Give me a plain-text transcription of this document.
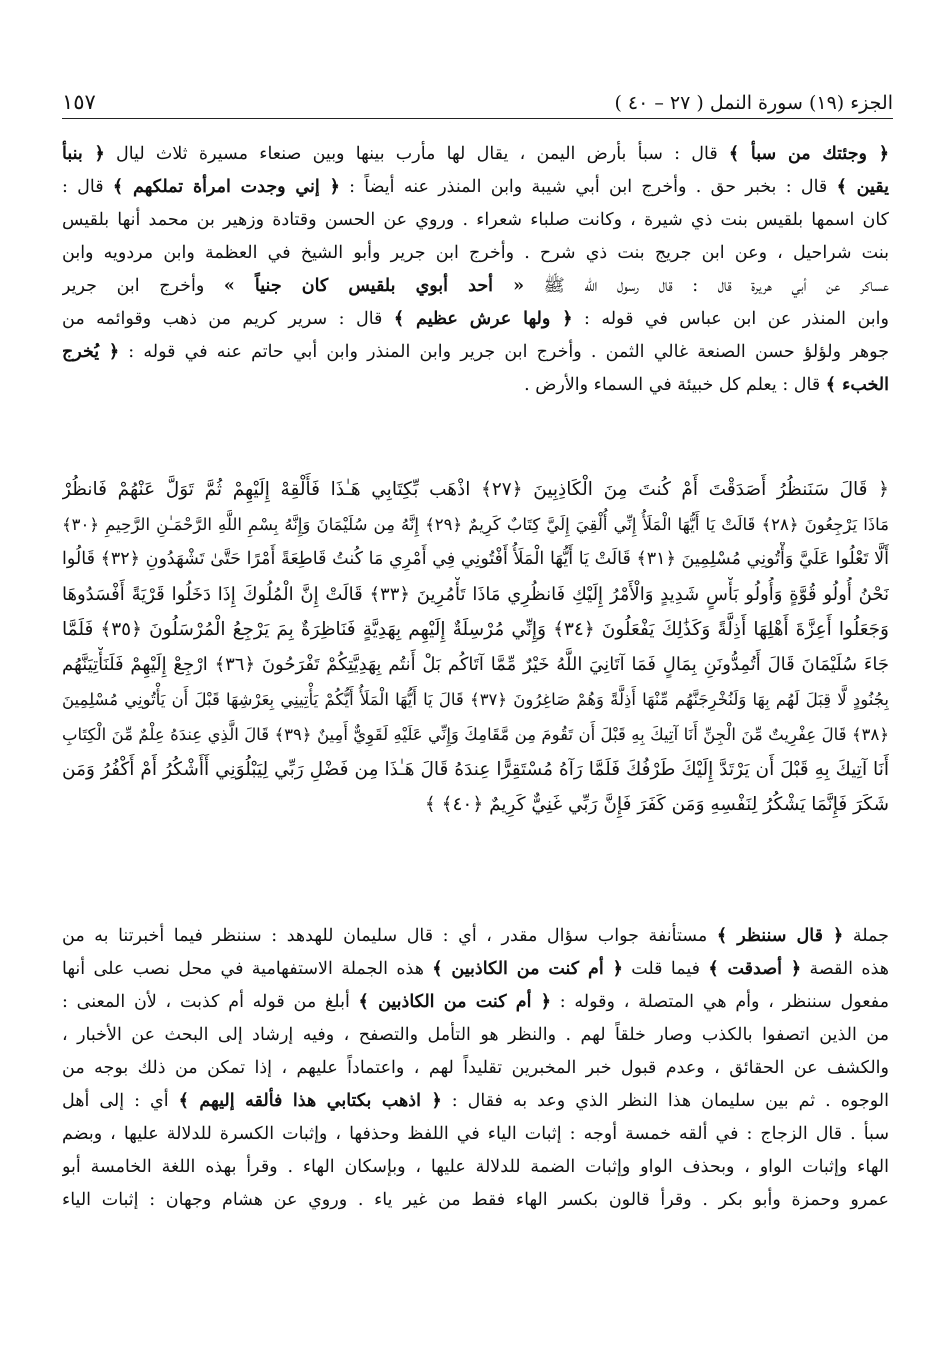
الجزء (١٩) سورة النمل ( ٢٧ – ٤٠ )
١٥٧
﴿ وجئتك من سبأ ﴾ قال : سبأ بأرض اليمن ، يقال لها مأرب بينها وبين صنعاء مسيرة ثلاث ليال ﴿ بنبأ
يقين ﴾ قال : بخبر حق . وأخرج ابن أبي شيبة وابن المنذر عنه أيضاً : ﴿ إني وجدت امرأة تملكهم ﴾ قال :
كان اسمها بلقيس بنت ذي شيرة ، وكانت صلباء شعراء . وروي عن الحسن وقتادة وزهير بن محمد أنها بلقيس
بنت شراحيل ، وعن ابن جريج بنت ذي شرح . وأخرج ابن جرير وأبو الشيخ في العظمة وابن مردويه وابن
عساكر عن أبي هريرة قال : قال رسول الله ﷺ « أحد أبوي بلقيس كان جنياً » وأخرج ابن جرير
وابن المنذر عن ابن عباس في قوله : ﴿ ولها عرش عظيم ﴾ قال : سرير كريم من ذهب وقوائمه من
جوهر ولؤلؤ حسن الصنعة غالي الثمن . وأخرج ابن جرير وابن المنذر وابن أبي حاتم عنه في قوله : ﴿ يُخرج
الخبء ﴾ قال : يعلم كل خبيئة في السماء والأرض .
﴿ قَالَ سَنَنظُرُ أَصَدَقْتَ أَمْ كُنتَ مِنَ الْكَاذِبِينَ ﴿٢٧﴾ اذْهَب بِّكِتَابِي هَـٰذَا فَأَلْقِهْ إِلَيْهِمْ ثُمَّ تَوَلَّ عَنْهُمْ فَانظُرْ
مَاذَا يَرْجِعُونَ ﴿٢٨﴾ قَالَتْ يَا أَيُّهَا الْمَلَأُ إِنِّي أُلْقِيَ إِلَيَّ كِتَابٌ كَرِيمٌ ﴿٢٩﴾ إِنَّهُ مِن سُلَيْمَانَ وَإِنَّهُ بِسْمِ اللَّهِ الرَّحْمَـٰنِ الرَّحِيمِ ﴿٣٠﴾
أَلَّا تَعْلُوا عَلَيَّ وَأْتُونِي مُسْلِمِينَ ﴿٣١﴾ قَالَتْ يَا أَيُّهَا الْمَلَأُ أَفْتُونِي فِي أَمْرِي مَا كُنتُ قَاطِعَةً أَمْرًا حَتَّىٰ تَشْهَدُونِ ﴿٣٢﴾ قَالُوا
نَحْنُ أُولُو قُوَّةٍ وَأُولُو بَأْسٍ شَدِيدٍ وَالْأَمْرُ إِلَيْكِ فَانظُرِي مَاذَا تَأْمُرِينَ ﴿٣٣﴾ قَالَتْ إِنَّ الْمُلُوكَ إِذَا دَخَلُوا قَرْيَةً أَفْسَدُوهَا
وَجَعَلُوا أَعِزَّةَ أَهْلِهَا أَذِلَّةً وَكَذَٰلِكَ يَفْعَلُونَ ﴿٣٤﴾ وَإِنِّي مُرْسِلَةٌ إِلَيْهِم بِهَدِيَّةٍ فَنَاظِرَةٌ بِمَ يَرْجِعُ الْمُرْسَلُونَ ﴿٣٥﴾ فَلَمَّا
جَاءَ سُلَيْمَانَ قَالَ أَتُمِدُّونَنِ بِمَالٍ فَمَا آتَانِيَ اللَّهُ خَيْرٌ مِّمَّا آتَاكُم بَلْ أَنتُم بِهَدِيَّتِكُمْ تَفْرَحُونَ ﴿٣٦﴾ ارْجِعْ إِلَيْهِمْ فَلَنَأْتِيَنَّهُم
بِجُنُودٍ لَّا قِبَلَ لَهُم بِهَا وَلَنُخْرِجَنَّهُم مِّنْهَا أَذِلَّةً وَهُمْ صَاغِرُونَ ﴿٣٧﴾ قَالَ يَا أَيُّهَا الْمَلَأُ أَيُّكُمْ يَأْتِينِي بِعَرْشِهَا قَبْلَ أَن يَأْتُونِي مُسْلِمِينَ
﴿٣٨﴾ قَالَ عِفْرِيتٌ مِّنَ الْجِنِّ أَنَا آتِيكَ بِهِ قَبْلَ أَن تَقُومَ مِن مَّقَامِكَ وَإِنِّي عَلَيْهِ لَقَوِيٌّ أَمِينٌ ﴿٣٩﴾ قَالَ الَّذِي عِندَهُ عِلْمٌ مِّنَ الْكِتَابِ
أَنَا آتِيكَ بِهِ قَبْلَ أَن يَرْتَدَّ إِلَيْكَ طَرْفُكَ فَلَمَّا رَآهُ مُسْتَقِرًّا عِندَهُ قَالَ هَـٰذَا مِن فَضْلِ رَبِّي لِيَبْلُوَنِي أَأَشْكُرُ أَمْ أَكْفُرُ وَمَن
شَكَرَ فَإِنَّمَا يَشْكُرُ لِنَفْسِهِ وَمَن كَفَرَ فَإِنَّ رَبِّي غَنِيٌّ كَرِيمٌ ﴿٤٠﴾ ﴾
جملة ﴿ قال سننظر ﴾ مستأنفة جواب سؤال مقدر ، أي : قال سليمان للهدهد : سننظر فيما أخبرتنا به من
هذه القصة ﴿ أصدقت ﴾ فيما قلت ﴿ أم كنت من الكاذبين ﴾ هذه الجملة الاستفهامية في محل نصب على أنها
مفعول سننظر ، وأم هي المتصلة ، وقوله : ﴿ أم كنت من الكاذبين ﴾ أبلغ من قوله أم كذبت ، لأن المعنى :
من الذين اتصفوا بالكذب وصار خلقاً لهم . والنظر هو التأمل والتصفح ، وفيه إرشاد إلى البحث عن الأخبار ،
والكشف عن الحقائق ، وعدم قبول خبر المخبرين تقليداً لهم ، واعتماداً عليهم ، إذا تمكن من ذلك بوجه من
الوجوه . ثم بين سليمان هذا النظر الذي وعد به فقال : ﴿ اذهب بكتابي هذا فألقه إليهم ﴾ أي : إلى أهل
سبأ . قال الزجاج : في ألقه خمسة أوجه : إثبات الياء في اللفظ وحذفها ، وإثبات الكسرة للدلالة عليها ، وبضم
الهاء وإثبات الواو ، وبحذف الواو وإثبات الضمة للدلالة عليها ، وبإسكان الهاء . وقرأ بهذه اللغة الخامسة أبو
عمرو وحمزة وأبو بكر . وقرأ قالون بكسر الهاء فقط من غير ياء . وروي عن هشام وجهان : إثبات الياء
